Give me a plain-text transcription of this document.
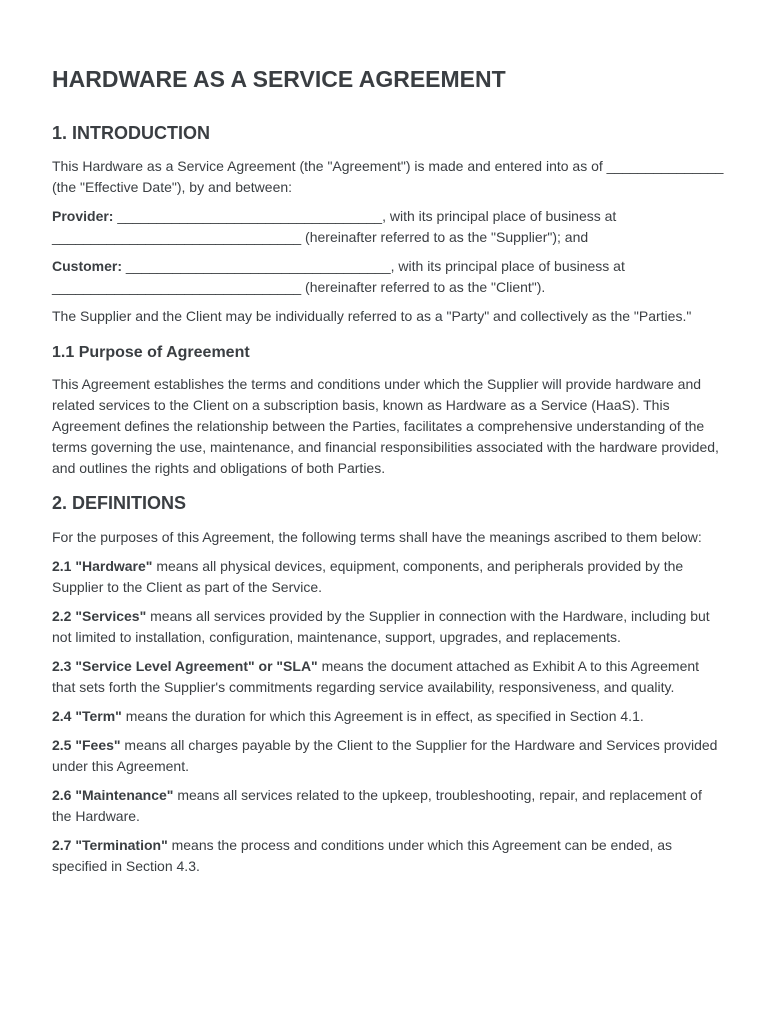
HARDWARE AS A SERVICE AGREEMENT
1. INTRODUCTION

This Hardware as a Service Agreement (the "Agreement") is made and entered into as of _______________ (the "Effective Date"), by and between:

Provider: __________________________________, with its principal place of business at ________________________________ (hereinafter referred to as the "Supplier"); and

Customer: __________________________________, with its principal place of business at ________________________________ (hereinafter referred to as the "Client").

The Supplier and the Client may be individually referred to as a "Party" and collectively as the "Parties."

1.1 Purpose of Agreement

This Agreement establishes the terms and conditions under which the Supplier will provide hardware and related services to the Client on a subscription basis, known as Hardware as a Service (HaaS). This Agreement defines the relationship between the Parties, facilitates a comprehensive understanding of the terms governing the use, maintenance, and financial responsibilities associated with the hardware provided, and outlines the rights and obligations of both Parties.

2. DEFINITIONS

For the purposes of this Agreement, the following terms shall have the meanings ascribed to them below:

2.1 "Hardware" means all physical devices, equipment, components, and peripherals provided by the Supplier to the Client as part of the Service.

2.2 "Services" means all services provided by the Supplier in connection with the Hardware, including but not limited to installation, configuration, maintenance, support, upgrades, and replacements.

2.3 "Service Level Agreement" or "SLA" means the document attached as Exhibit A to this Agreement that sets forth the Supplier's commitments regarding service availability, responsiveness, and quality.

2.4 "Term" means the duration for which this Agreement is in effect, as specified in Section 4.1.

2.5 "Fees" means all charges payable by the Client to the Supplier for the Hardware and Services provided under this Agreement.

2.6 "Maintenance" means all services related to the upkeep, troubleshooting, repair, and replacement of the Hardware.

2.7 "Termination" means the process and conditions under which this Agreement can be ended, as specified in Section 4.3.
